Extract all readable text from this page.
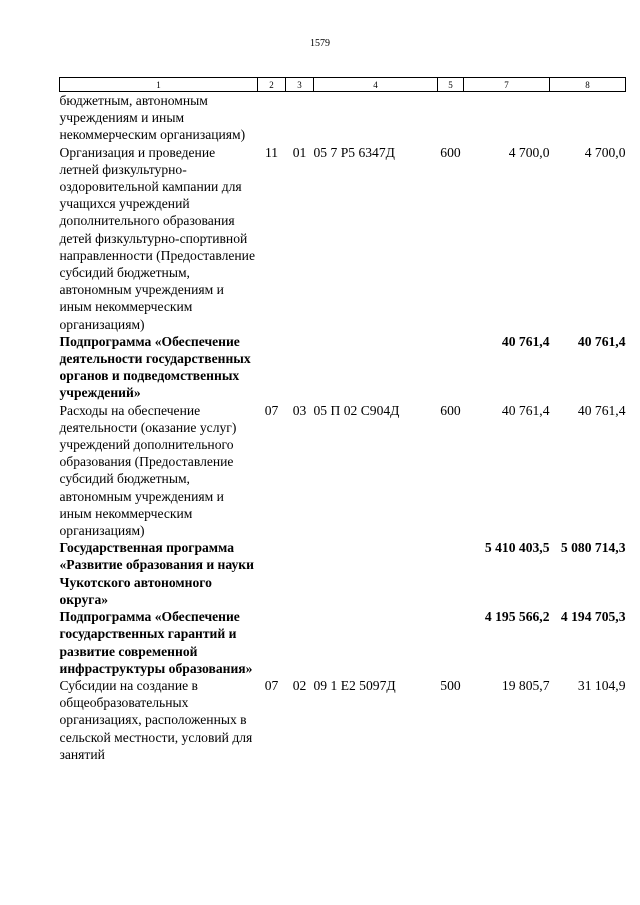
1579
1	2	3	4	5	7	8
бюджетным, автономным учреждениям и иным некоммерческим организациям)						
Организация и проведение летней физкультурно-оздоровительной кампании для учащихся учреждений дополнительного образования детей физкультурно-спортивной направленности (Предоставление субсидий бюджетным, автономным учреждениям и иным некоммерческим организациям)	11	01	05 7 Р5 6347Д	600	4 700,0	4 700,0
Подпрограмма «Обеспечение деятельности государственных органов и подведомственных учреждений»					40 761,4	40 761,4
Расходы на обеспечение деятельности (оказание услуг) учреждений дополнительного образования (Предоставление субсидий бюджетным, автономным учреждениям и иным некоммерческим организациям)	07	03	05 П 02 С904Д	600	40 761,4	40 761,4
Государственная программа «Развитие образования и науки Чукотского автономного округа»					5 410 403,5	5 080 714,3
Подпрограмма «Обеспечение государственных гарантий и развитие современной инфраструктуры образования»					4 195 566,2	4 194 705,3
Субсидии на создание в общеобразовательных организациях, расположенных в сельской местности, условий для занятий	07	02	09 1 E2 5097Д	500	19 805,7	31 104,9
